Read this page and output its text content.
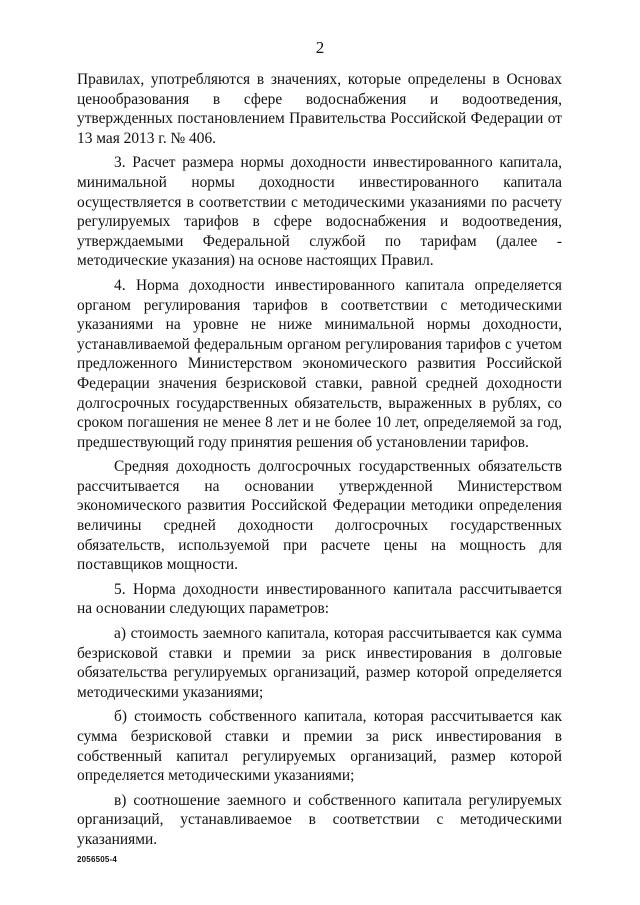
2

Правилах, употребляются в значениях, которые определены в Основах ценообразования в сфере водоснабжения и водоотведения, утвержденных постановлением Правительства Российской Федерации от 13 мая 2013 г. № 406.

3. Расчет размера нормы доходности инвестированного капитала, минимальной нормы доходности инвестированного капитала осуществляется в соответствии с методическими указаниями по расчету регулируемых тарифов в сфере водоснабжения и водоотведения, утверждаемыми Федеральной службой по тарифам (далее - методические указания) на основе настоящих Правил.

4. Норма доходности инвестированного капитала определяется органом регулирования тарифов в соответствии с методическими указаниями на уровне не ниже минимальной нормы доходности, устанавливаемой федеральным органом регулирования тарифов с учетом предложенного Министерством экономического развития Российской Федерации значения безрисковой ставки, равной средней доходности долгосрочных государственных обязательств, выраженных в рублях, со сроком погашения не менее 8 лет и не более 10 лет, определяемой за год, предшествующий году принятия решения об установлении тарифов.

Средняя доходность долгосрочных государственных обязательств рассчитывается на основании утвержденной Министерством экономического развития Российской Федерации методики определения величины средней доходности долгосрочных государственных обязательств, используемой при расчете цены на мощность для поставщиков мощности.

5. Норма доходности инвестированного капитала рассчитывается на основании следующих параметров:

а) стоимость заемного капитала, которая рассчитывается как сумма безрисковой ставки и премии за риск инвестирования в долговые обязательства регулируемых организаций, размер которой определяется методическими указаниями;

б) стоимость собственного капитала, которая рассчитывается как сумма безрисковой ставки и премии за риск инвестирования в собственный капитал регулируемых организаций, размер которой определяется методическими указаниями;

в) соотношение заемного и собственного капитала регулируемых организаций, устанавливаемое в соответствии с методическими указаниями.

2056505-4
